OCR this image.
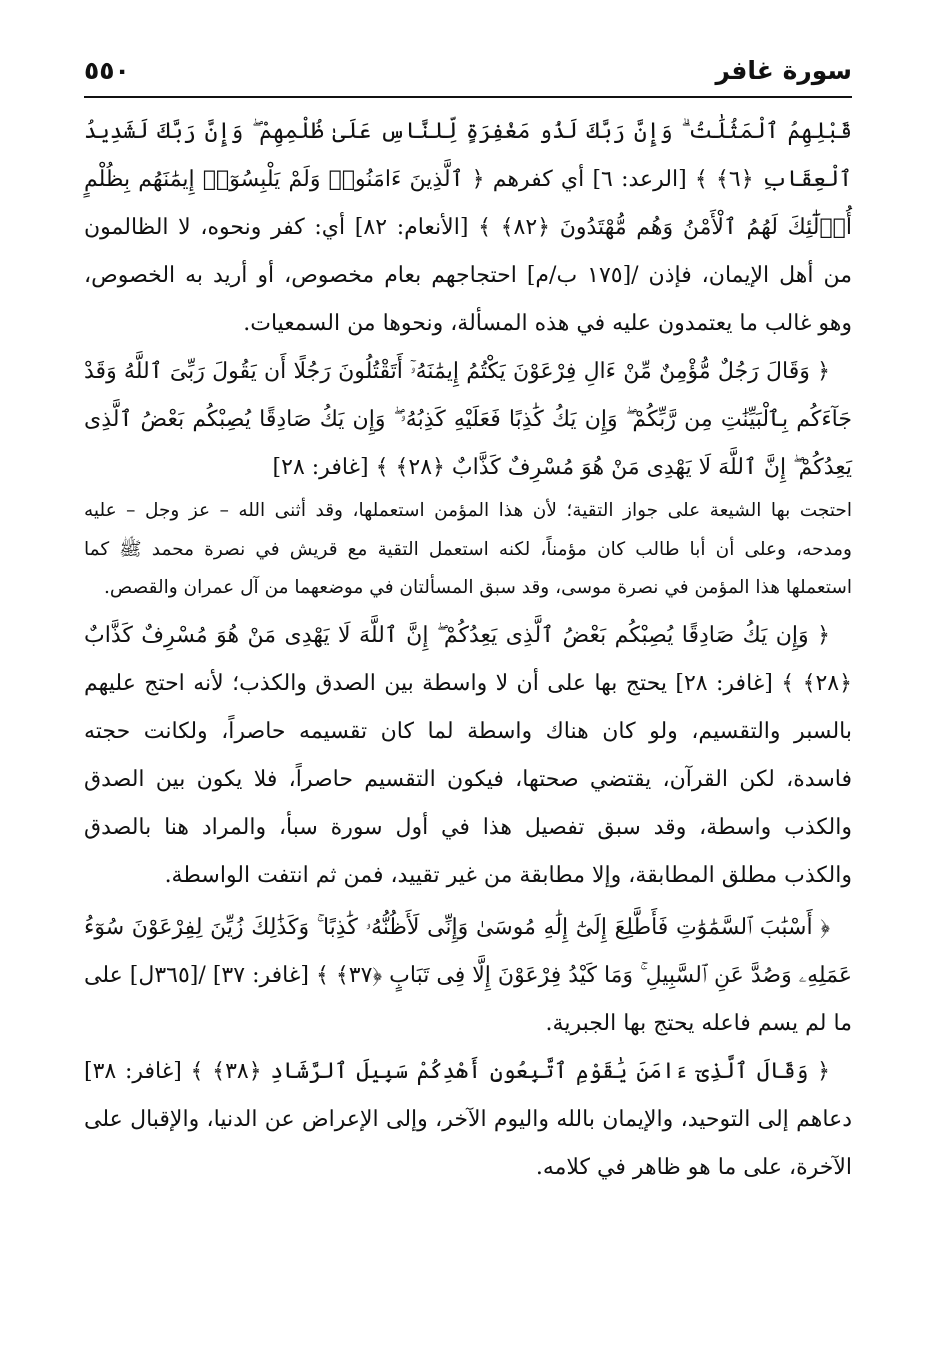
سورة غافر
٥٥٠

قَبْلِهِمُ ٱلْمَثُلَٰتُ ۗ وَإِنَّ رَبَّكَ لَذُو مَغْفِرَةٍ لِّلنَّاسِ عَلَىٰ ظُلْمِهِمْ ۖ وَإِنَّ رَبَّكَ لَشَدِيدُ ٱلْعِقَابِ ﴿٦﴾ ﴾ [الرعد: ٦] أي كفرهم ﴿ ٱلَّذِينَ ءَامَنُوا۟ وَلَمْ يَلْبِسُوٓا۟ إِيمَٰنَهُم بِظُلْمٍ أُو۟لَٰٓئِكَ لَهُمُ ٱلْأَمْنُ وَهُم مُّهْتَدُونَ ﴿٨٢﴾ ﴾ [الأنعام: ٨٢] أي: كفر ونحوه، لا الظالمون من أهل الإيمان، فإذن /[١٧٥ ب/م] احتجاجهم بعام مخصوص، أو أريد به الخصوص، وهو غالب ما يعتمدون عليه في هذه المسألة، ونحوها من السمعيات.

﴿ وَقَالَ رَجُلٌ مُّؤْمِنٌ مِّنْ ءَالِ فِرْعَوْنَ يَكْتُمُ إِيمَٰنَهُۥٓ أَتَقْتُلُونَ رَجُلًا أَن يَقُولَ رَبِّىَ ٱللَّهُ وَقَدْ جَآءَكُم بِٱلْبَيِّنَٰتِ مِن رَّبِّكُمْ ۖ وَإِن يَكُ كَٰذِبًا فَعَلَيْهِ كَذِبُهُۥ ۖ وَإِن يَكُ صَادِقًا يُصِبْكُم بَعْضُ ٱلَّذِى يَعِدُكُمْ ۖ إِنَّ ٱللَّهَ لَا يَهْدِى مَنْ هُوَ مُسْرِفٌ كَذَّابٌ ﴿٢٨﴾ ﴾ [غافر: ٢٨]

احتجت بها الشيعة على جواز التقية؛ لأن هذا المؤمن استعملها، وقد أثنى الله – عز وجل – عليه ومدحه، وعلى أن أبا طالب كان مؤمناً، لكنه استعمل التقية مع قريش في نصرة محمد ﷺ كما استعملها هذا المؤمن في نصرة موسى، وقد سبق المسألتان في موضعهما من آل عمران والقصص.

﴿ وَإِن يَكُ صَادِقًا يُصِبْكُم بَعْضُ ٱلَّذِى يَعِدُكُمْ ۖ إِنَّ ٱللَّهَ لَا يَهْدِى مَنْ هُوَ مُسْرِفٌ كَذَّابٌ ﴿٢٨﴾ ﴾ [غافر: ٢٨] يحتج بها على أن لا واسطة بين الصدق والكذب؛ لأنه احتج عليهم بالسبر والتقسيم، ولو كان هناك واسطة لما كان تقسيمه حاصراً، ولكانت حجته فاسدة، لكن القرآن، يقتضي صحتها، فيكون التقسيم حاصراً، فلا يكون بين الصدق والكذب واسطة، وقد سبق تفصيل هذا في أول سورة سبأ، والمراد هنا بالصدق والكذب مطلق المطابقة، وإلا مطابقة من غير تقييد، فمن ثم انتفت الواسطة.

﴿ أَسْبَٰبَ ٱلسَّمَٰوَٰتِ فَأَطَّلِعَ إِلَىٰٓ إِلَٰهِ مُوسَىٰ وَإِنِّى لَأَظُنُّهُۥ كَٰذِبًا ۚ وَكَذَٰلِكَ زُيِّنَ لِفِرْعَوْنَ سُوٓءُ عَمَلِهِۦ وَصُدَّ عَنِ ٱلسَّبِيلِ ۚ وَمَا كَيْدُ فِرْعَوْنَ إِلَّا فِى تَبَابٍ ﴿٣٧﴾ ﴾ [غافر: ٣٧] /[٣٦٥ل] على ما لم يسم فاعله يحتج بها الجبرية.

﴿ وَقَالَ ٱلَّذِىٓ ءَامَنَ يَٰقَوْمِ ٱتَّبِعُونِ أَهْدِكُمْ سَبِيلَ ٱلرَّشَادِ ﴿٣٨﴾ ﴾ [غافر: ٣٨] دعاهم إلى التوحيد، والإيمان بالله واليوم الآخر، وإلى الإعراض عن الدنيا، والإقبال على الآخرة، على ما هو ظاهر في كلامه.
